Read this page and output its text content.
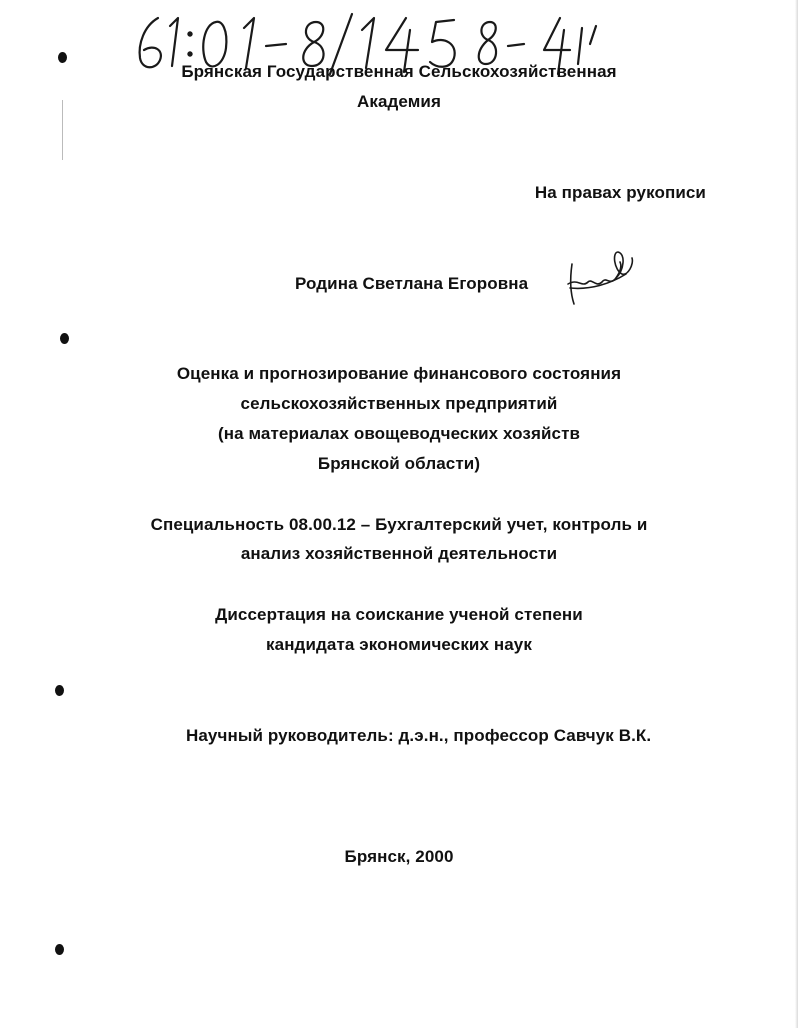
Брянская Государственная Сельскохозяйственная
Академия
На правах рукописи
Родина Светлана Егоровна
Оценка и прогнозирование финансового состояния
сельскохозяйственных предприятий
(на материалах овощеводческих хозяйств
Брянской области)
Специальность 08.00.12 – Бухгалтерский учет, контроль и
анализ хозяйственной деятельности
Диссертация на соискание ученой степени
кандидата экономических наук
Научный руководитель: д.э.н., профессор Савчук В.К.
Брянск, 2000
